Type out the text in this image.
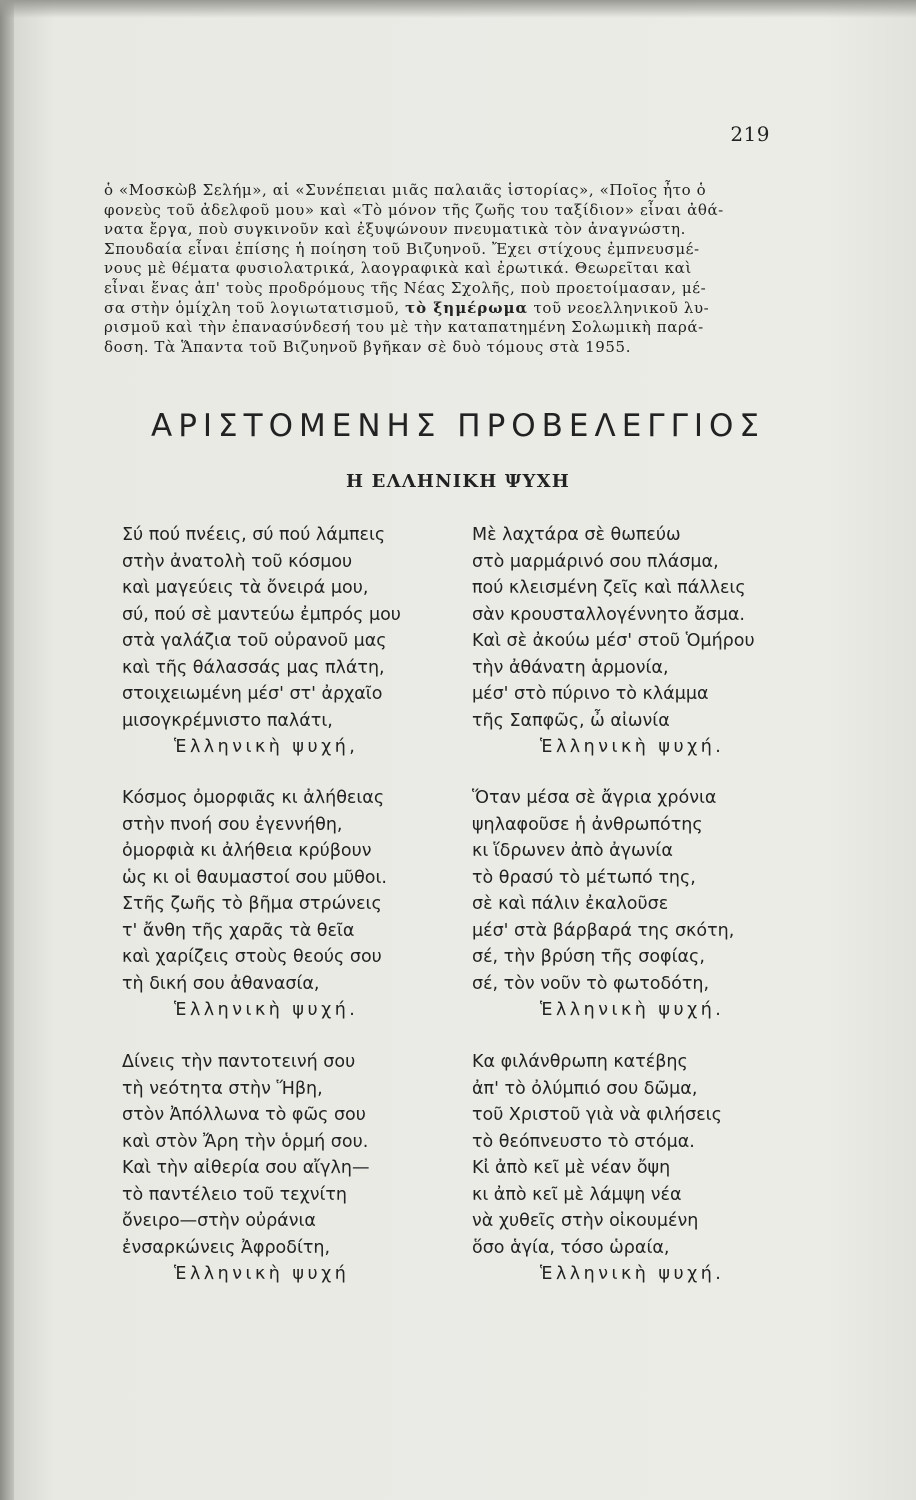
219

ὁ «Μοσκὼβ Σελήμ», αἱ «Συνέπειαι μιᾶς παλαιᾶς ἱστορίας», «Ποῖος ἦτο ὁ

φονεὺς τοῦ ἀδελφοῦ μου» καὶ «Τὸ μόνον τῆς ζωῆς του ταξίδιον» εἶναι ἀθά-

νατα ἔργα, ποὺ συγκινοῦν καὶ ἐξυψώνουν πνευματικὰ τὸν ἀναγνώστη.

Σπουδαία εἶναι ἐπίσης ἡ ποίηση τοῦ Βιζυηνοῦ. Ἔχει στίχους ἐμπνευσμέ-

νους μὲ θέματα φυσιολατρικά, λαογραφικὰ καὶ ἐρωτικά. Θεωρεῖται καὶ

εἶναι ἕνας ἀπ' τοὺς προδρόμους τῆς Νέας Σχολῆς, ποὺ προετοίμασαν, μέ-

σα στὴν ὁμίχλη τοῦ λογιωτατισμοῦ, τὸ ξημέρωμα τοῦ νεοελληνικοῦ λυ-

ρισμοῦ καὶ τὴν ἐπανασύνδεσή του μὲ τὴν καταπατημένη Σολωμικὴ παρά-

δοση. Τὰ Ἅπαντα τοῦ Βιζυηνοῦ βγῆκαν σὲ δυὸ τόμους στὰ 1955.

ΑΡΙΣΤΟΜΕΝΗΣ ΠΡΟΒΕΛΕΓΓΙΟΣ
Η ΕΛΛΗΝΙΚΗ ΨΥΧΗ
Σύ πού πνέεις, σύ πού λάμπεις
στὴν ἀνατολὴ τοῦ κόσμου
καὶ μαγεύεις τὰ ὄνειρά μου,
σύ, πού σὲ μαντεύω ἐμπρός μου
στὰ γαλάζια τοῦ οὐρανοῦ μας
καὶ τῆς θάλασσάς μας πλάτη,
στοιχειωμένη μέσ' στ' ἀρχαῖο
μισογκρέμνιστο παλάτι,
Ἑλληνικὴ ψυχή,
Μὲ λαχτάρα σὲ θωπεύω
στὸ μαρμάρινό σου πλάσμα,
πού κλεισμένη ζεῖς καὶ πάλλεις
σὰν κρουσταλλογέννητο ἄσμα.
Καὶ σὲ ἀκούω μέσ' στοῦ Ὁμήρου
τὴν ἀθάνατη ἁρμονία,
μέσ' στὸ πύρινο τὸ κλάμμα
τῆς Σαπφῶς, ὦ αἰωνία
Ἑλληνικὴ ψυχή.
Κόσμος ὀμορφιᾶς κι ἀλήθειας
στὴν πνοή σου ἐγεννήθη,
ὀμορφιὰ κι ἀλήθεια κρύβουν
ὡς κι οἱ θαυμαστοί σου μῦθοι.
Στῆς ζωῆς τὸ βῆμα στρώνεις
τ' ἄνθη τῆς χαρᾶς τὰ θεῖα
καὶ χαρίζεις στοὺς θεούς σου
τὴ δική σου ἀθανασία,
Ἑλληνικὴ ψυχή.
Ὅταν μέσα σὲ ἄγρια χρόνια
ψηλαφοῦσε ἡ ἀνθρωπότης
κι ἵδρωνεν ἀπὸ ἀγωνία
τὸ θρασύ τὸ μέτωπό της,
σὲ καὶ πάλιν ἐκαλοῦσε
μέσ' στὰ βάρβαρά της σκότη,
σέ, τὴν βρύση τῆς σοφίας,
σέ, τὸν νοῦν τὸ φωτοδότη,
Ἑλληνικὴ ψυχή.
Δίνεις τὴν παντοτεινή σου
τὴ νεότητα στὴν Ἥβη,
στὸν Ἀπόλλωνα τὸ φῶς σου
καὶ στὸν Ἄρη τὴν ὁρμή σου.
Καὶ τὴν αἰθερία σου αἴγλη—
τὸ παντέλειο τοῦ τεχνίτη
ὄνειρο—στὴν οὐράνια
ἐνσαρκώνεις Ἀφροδίτη,
Ἑλληνικὴ ψυχή
Κα φιλάνθρωπη κατέβης
ἀπ' τὸ ὀλύμπιό σου δῶμα,
τοῦ Χριστοῦ γιὰ νὰ φιλήσεις
τὸ θεόπνευστο τὸ στόμα.
Κἰ ἀπὸ κεῖ μὲ νέαν ὄψη
κι ἀπὸ κεῖ μὲ λάμψη νέα
νὰ χυθεῖς στὴν οἰκουμένη
ὅσο ἁγία, τόσο ὡραία,
Ἑλληνικὴ ψυχή.
